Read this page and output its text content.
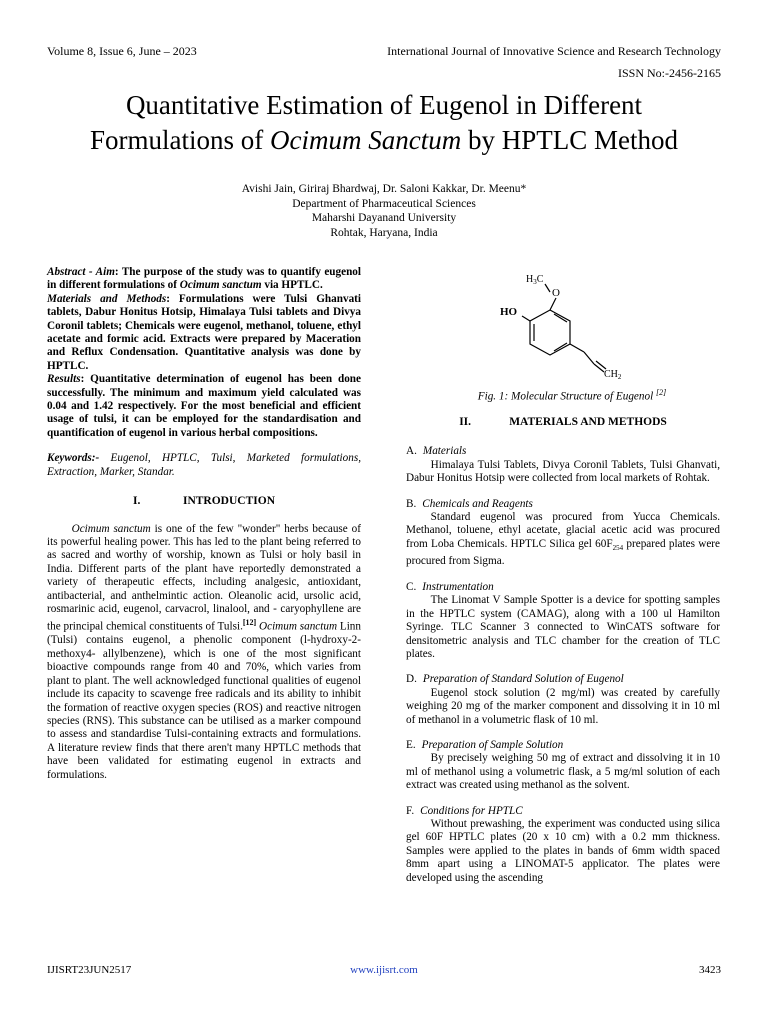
Volume 8, Issue 6, June – 2023	International Journal of Innovative Science and Research Technology
ISSN No:-2456-2165
Quantitative Estimation of Eugenol in Different
Formulations of Ocimum Sanctum by HPTLC Method
Avishi Jain, Giriraj Bhardwaj, Dr. Saloni Kakkar, Dr. Meenu*
Department of Pharmaceutical Sciences
Maharshi Dayanand University
Rohtak, Haryana, India

Abstract - Aim: The purpose of the study was to quantify eugenol in different formulations of Ocimum sanctum via HPTLC.

Materials and Methods: Formulations were Tulsi Ghanvati tablets, Dabur Honitus Hotsip, Himalaya Tulsi tablets and Divya Coronil tablets; Chemicals were eugenol, methanol, toluene, ethyl acetate and formic acid. Extracts were prepared by Maceration and Reflux Condensation. Quantitative analysis was done by HPTLC.

Results: Quantitative determination of eugenol has been done successfully. The minimum and maximum yield calculated was 0.04 and 1.42 respectively. For the most beneficial and efficient usage of tulsi, it can be employed for the standardisation and quantification of eugenol in various herbal compositions.

Keywords:- Eugenol, HPTLC, Tulsi, Marketed formulations, Extraction, Marker, Standar.

I.	INTRODUCTION

Ocimum sanctum is one of the few "wonder" herbs because of its powerful healing power. This has led to the plant being referred to as sacred and worthy of worship, known as Tulsi or holy basil in India. Different parts of the plant have reportedly demonstrated a variety of therapeutic effects, including analgesic, antioxidant, antibacterial, and anthelmintic action. Oleanolic acid, ursolic acid, rosmarinic acid, eugenol, carvacrol, linalool, and - caryophyllene are the principal chemical constituents of Tulsi.[12] Ocimum sanctum Linn (Tulsi) contains eugenol, a phenolic component (l-hydroxy-2-methoxy4- allylbenzene), which is one of the most significant bioactive compounds range from 40 and 70%, which varies from plant to plant. The well acknowledged functional qualities of eugenol include its capacity to scavenge free radicals and its ability to inhibit the formation of reactive oxygen species (ROS) and reactive nitrogen species (RNS). This substance can be utilised as a marker compound to assess and standardise Tulsi-containing extracts and formulations. A literature review finds that there aren't many HPTLC methods that have been validated for estimating eugenol in extracts and formulations.

HO
O
$H_3C$
$CH_2$
Fig. 1: Molecular Structure of Eugenol [2]
II.	MATERIALS AND METHODS
A. Materials

Himalaya Tulsi Tablets, Divya Coronil Tablets, Tulsi Ghanvati, Dabur Honitus Hotsip were collected from local markets of Rohtak.

B. Chemicals and Reagents

Standard eugenol was procured from Yucca Chemicals. Methanol, toluene, ethyl acetate, glacial acetic acid was procured from Loba Chemicals. HPTLC Silica gel $60F_{254}$ prepared plates were procured from Sigma.

C. Instrumentation

The Linomat V Sample Spotter is a device for spotting samples in the HPTLC system (CAMAG), along with a 100 ul Hamilton Syringe. TLC Scanner 3 connected to WinCATS software for densitometric analysis and TLC chamber for the creation of TLC plates.

D. Preparation of Standard Solution of Eugenol

Eugenol stock solution (2 mg/ml) was created by carefully weighing 20 mg of the marker component and dissolving it in 10 ml of methanol in a volumetric flask of 10 ml.

E. Preparation of Sample Solution

By precisely weighing 50 mg of extract and dissolving it in 10 ml of methanol using a volumetric flask, a 5 mg/ml solution of each extract was created using methanol as the solvent.

F. Conditions for HPTLC

Without prewashing, the experiment was conducted using silica gel 60F HPTLC plates (20 x 10 cm) with a 0.2 mm thickness. Samples were applied to the plates in bands of 6mm width spaced 8mm apart using a LINOMAT-5 applicator. The plates were developed using the ascending

IJISRT23JUN2517	www.ijisrt.com	3423
